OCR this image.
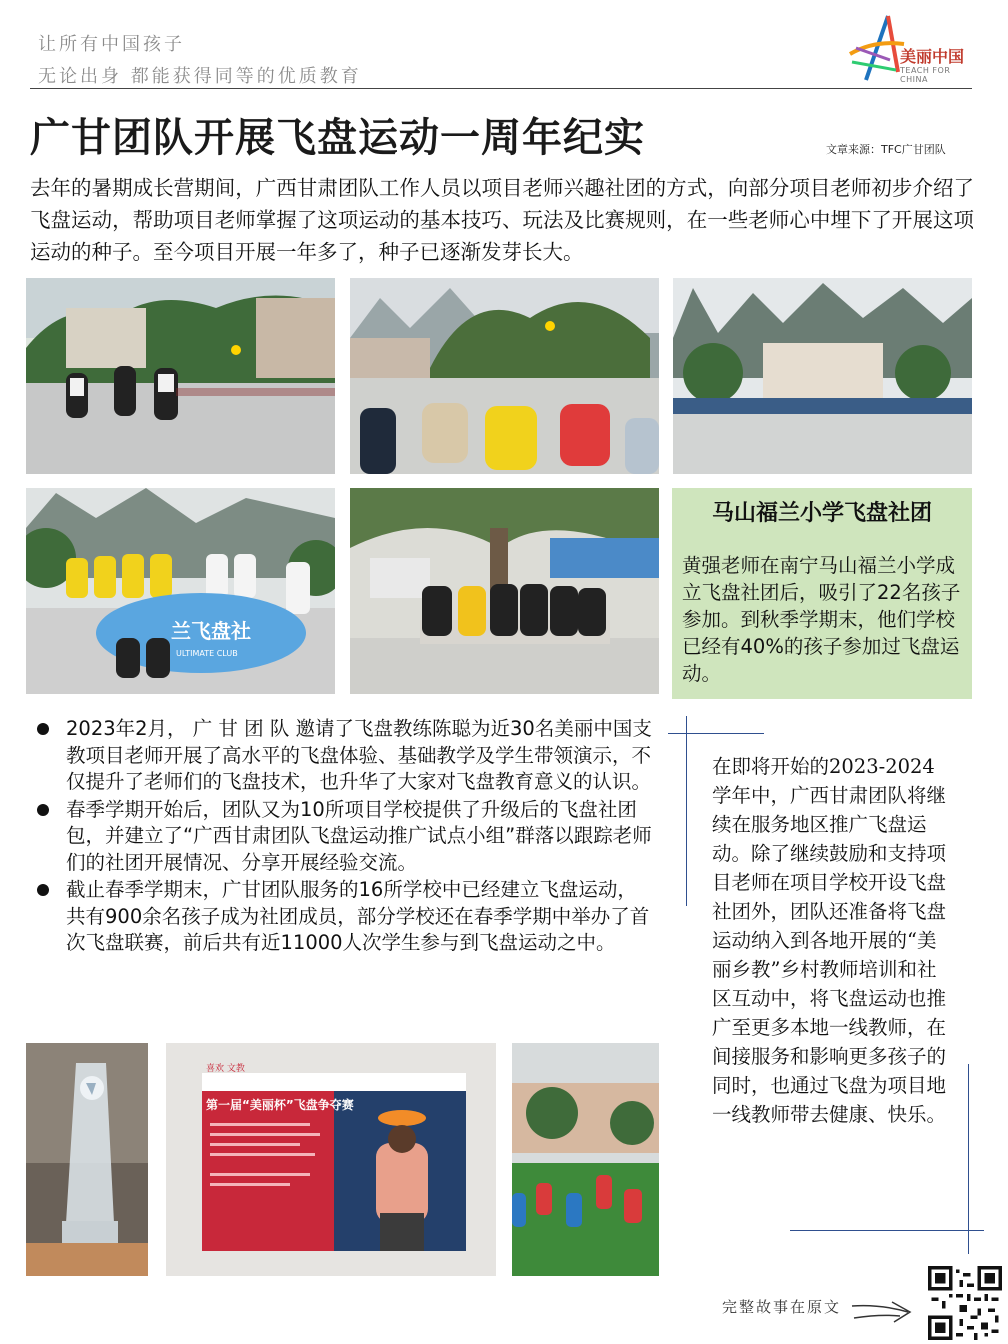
让所有中国孩子
无论出身 都能获得同等的优质教育
美丽中国
TEACH FOR CHINA
广甘团队开展飞盘运动一周年纪实	文章来源：TFC广甘团队
去年的暑期成长营期间，广西甘肃团队工作人员以项目老师兴趣社团的方式，向部分项目老师初步介绍了飞盘运动，帮助项目老师掌握了这项运动的基本技巧、玩法及比赛规则，在一些老师心中埋下了开展这项运动的种子。至今项目开展一年多了，种子已逐渐发芽长大。
兰飞盘社
ULTIMATE CLUB
马山福兰小学飞盘社团
黄强老师在南宁马山福兰小学成立飞盘社团后，吸引了22名孩子参加。到秋季学期末，他们学校已经有40%的孩子参加过飞盘运动。
2023年2月， 广 甘 团 队 邀请了飞盘教练陈聪为近30名美丽中国支教项目老师开展了高水平的飞盘体验、基础教学及学生带领演示，不仅提升了老师们的飞盘技术，也升华了大家对飞盘教育意义的认识。
春季学期开始后，团队又为10所项目学校提供了升级后的飞盘社团包，并建立了“广西甘肃团队飞盘运动推广试点小组”群落以跟踪老师们的社团开展情况、分享开展经验交流。
截止春季学期末，广甘团队服务的16所学校中已经建立飞盘运动，共有900余名孩子成为社团成员，部分学校还在春季学期中举办了首次飞盘联赛，前后共有近11000人次学生参与到飞盘运动之中。
在即将开始的2023-2024学年中，广西甘肃团队将继续在服务地区推广飞盘运动。除了继续鼓励和支持项目老师在项目学校开设飞盘社团外，团队还准备将飞盘运动纳入到各地开展的“美丽乡教”乡村教师培训和社区互动中，将飞盘运动也推广至更多本地一线教师，在间接服务和影响更多孩子的同时，也通过飞盘为项目地一线教师带去健康、快乐。
第一届“美丽杯”飞盘争夺赛
喜欢 文教
完整故事在原文
